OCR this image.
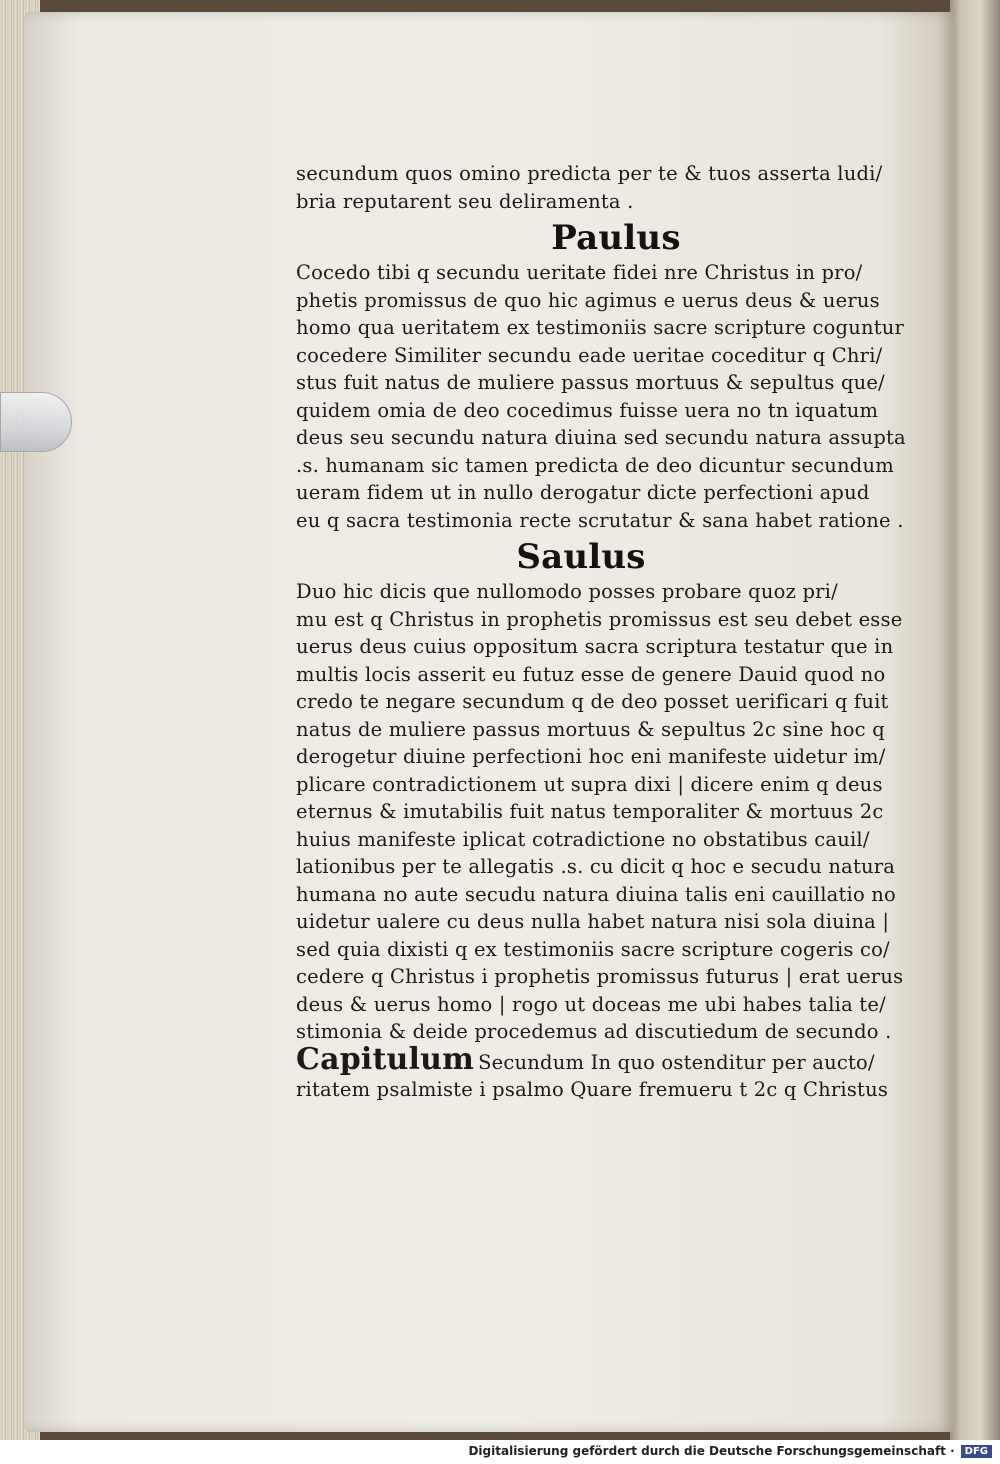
secundum quos omino predicta per te & tuos asserta ludi/
bria reputarent seu deliramenta .
Paulus
Cocedo tibi q secundu ueritate fidei nre Christus in pro/
phetis promissus de quo hic agimus e uerus deus & uerus
homo qua ueritatem ex testimoniis sacre scripture coguntur
cocedere Similiter secundu eade ueritae coceditur q Chri/
stus fuit natus de muliere passus mortuus & sepultus que/
quidem omia de deo cocedimus fuisse uera no tn iquatum
deus seu secundu natura diuina sed secundu natura assupta
.s. humanam sic tamen predicta de deo dicuntur secundum
ueram fidem ut in nullo derogatur dicte perfectioni apud
eu q sacra testimonia recte scrutatur & sana habet ratione .
Saulus
Duo hic dicis que nullomodo posses probare quoz pri/
mu est q Christus in prophetis promissus est seu debet esse
uerus deus cuius oppositum sacra scriptura testatur que in
multis locis asserit eu futuz esse de genere Dauid quod no
credo te negare secundum q de deo posset uerificari q fuit
natus de muliere passus mortuus & sepultus 2c sine hoc q
derogetur diuine perfectioni hoc eni manifeste uidetur im/
plicare contradictionem ut supra dixi | dicere enim q deus
eternus & imutabilis fuit natus temporaliter & mortuus 2c
huius manifeste iplicat cotradictione no obstatibus cauil/
lationibus per te allegatis .s. cu dicit q hoc e secudu natura
humana no aute secudu natura diuina talis eni cauillatio no
uidetur ualere cu deus nulla habet natura nisi sola diuina |
sed quia dixisti q ex testimoniis sacre scripture cogeris co/
cedere q Christus i prophetis promissus futurus | erat uerus
deus & uerus homo | rogo ut doceas me ubi habes talia te/
stimonia & deide procedemus ad discutiedum de secundo .
Capitulum Secundum In quo ostenditur per aucto/
ritatem psalmiste i psalmo Quare fremueru t 2c q Christus
Digitalisierung gefördert durch die Deutsche Forschungsgemeinschaft · DFG
